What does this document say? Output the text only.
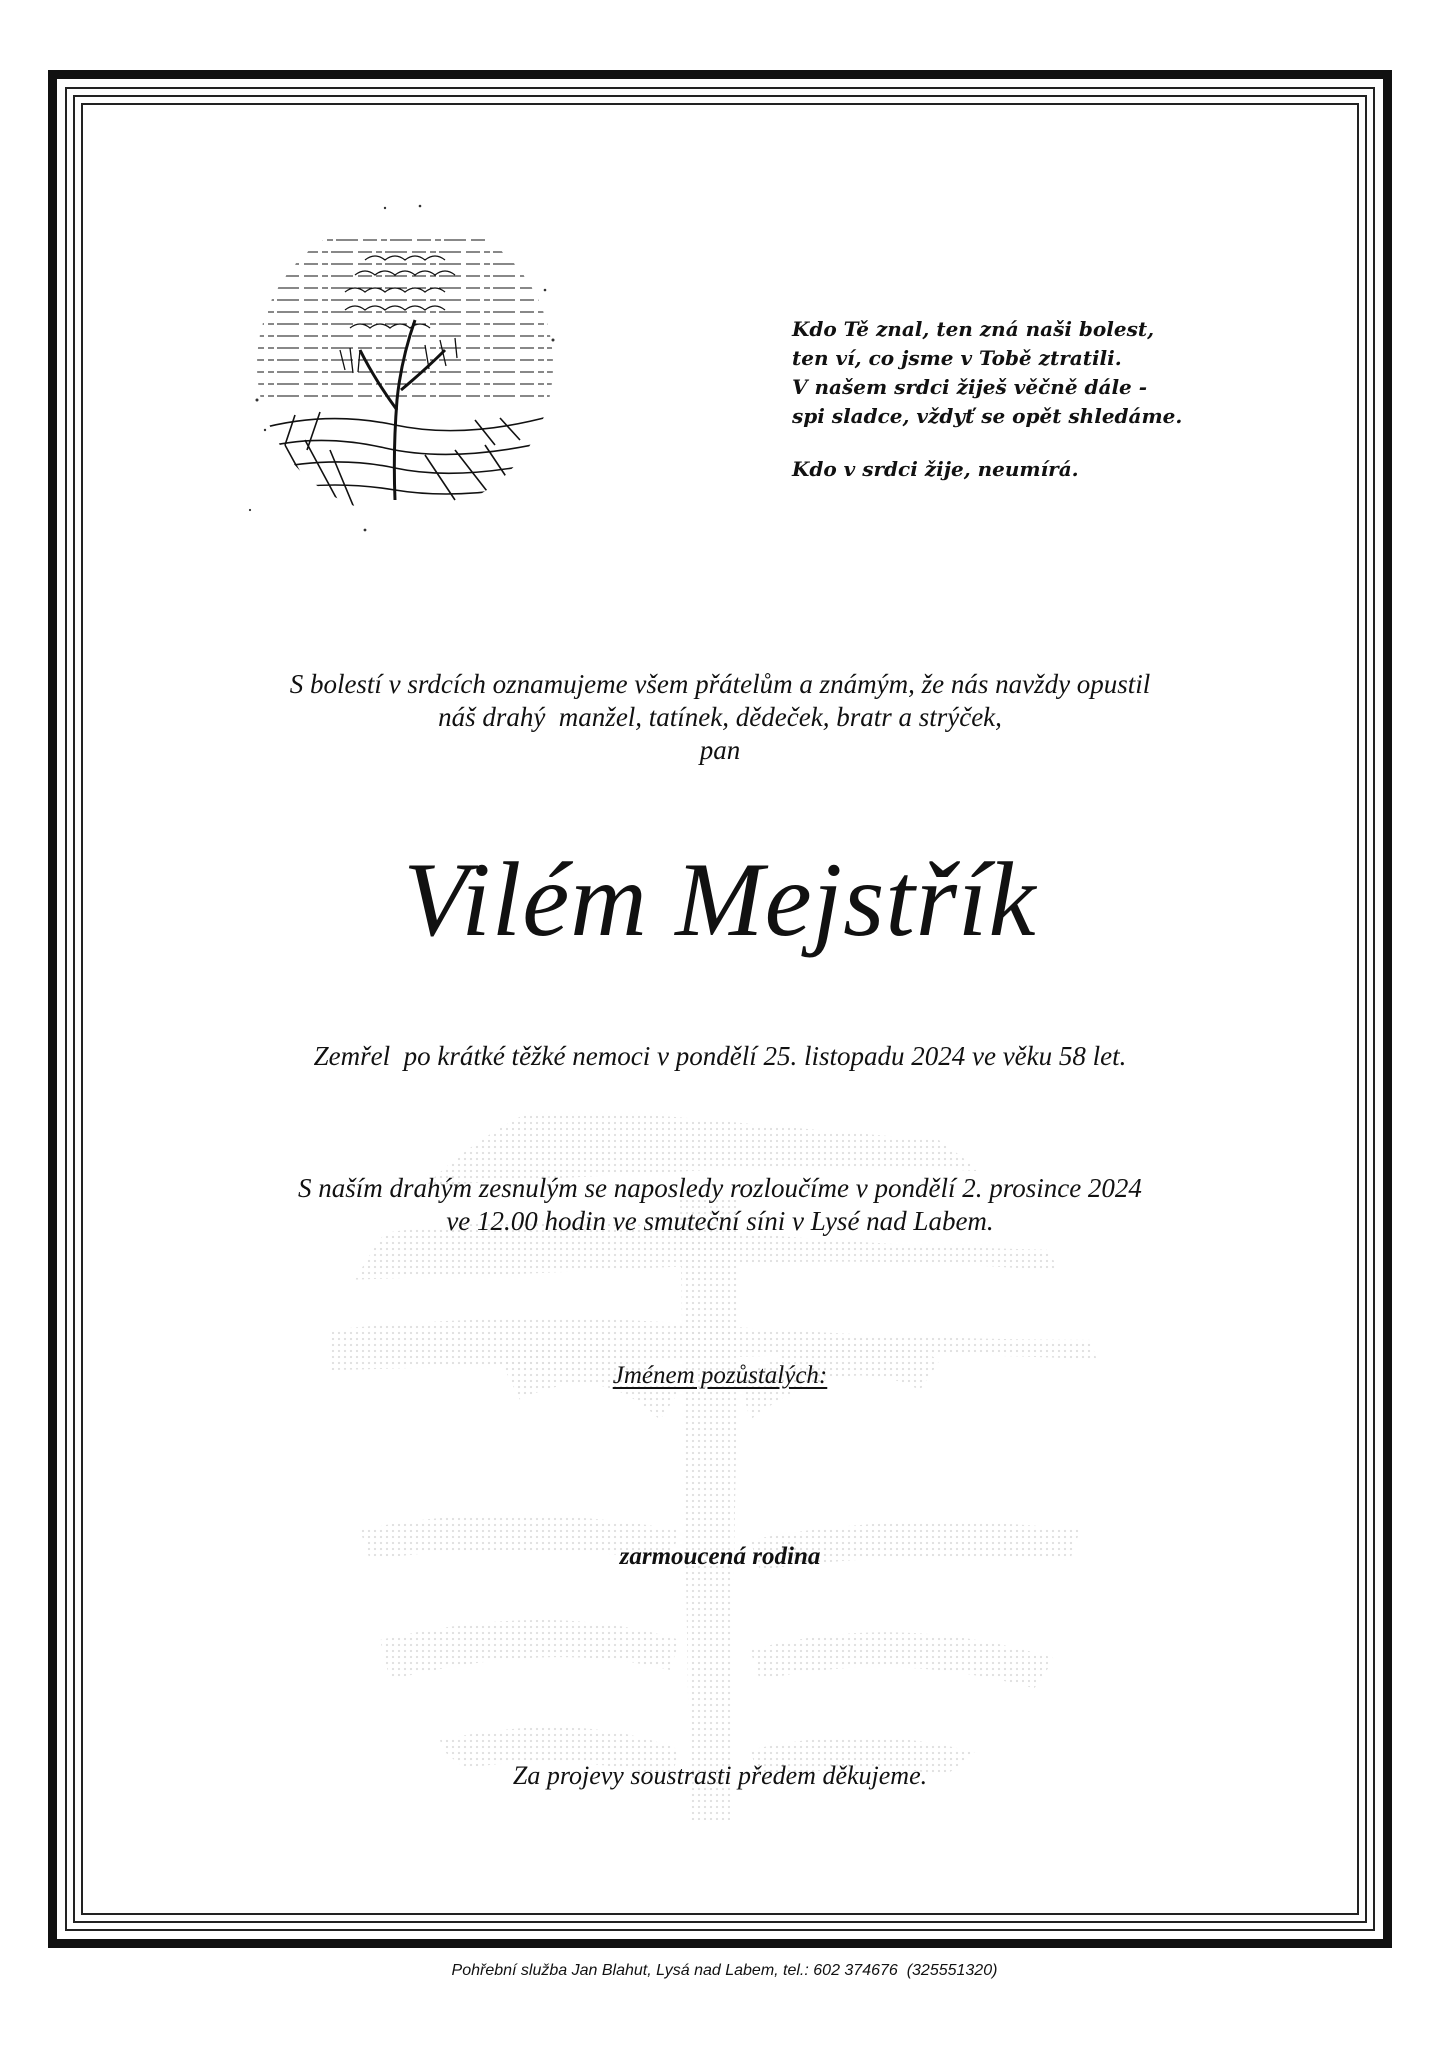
Kdo Tě znal, ten zná naši bolest,
ten ví, co jsme v Tobě ztratili.
V našem srdci žiješ věčně dále -
spi sladce, vždyť se opět shledáme.
Kdo v srdci žije, neumírá.
S bolestí v srdcích oznamujeme všem přátelům a známým, že nás navždy opustil
náš drahý  manžel, tatínek, dědeček, bratr a strýček,
pan
Vilém Mejstřík
Zemřel  po krátké těžké nemoci v pondělí 25. listopadu 2024 ve věku 58 let.
S naším drahým zesnulým se naposledy rozloučíme v pondělí 2. prosince 2024
ve 12.00 hodin ve smuteční síni v Lysé nad Labem.
Jménem pozůstalých:
zarmoucená rodina
Za projevy soustrasti předem děkujeme.
Pohřební služba Jan Blahut, Lysá nad Labem, tel.: 602 374676  (325551320)
